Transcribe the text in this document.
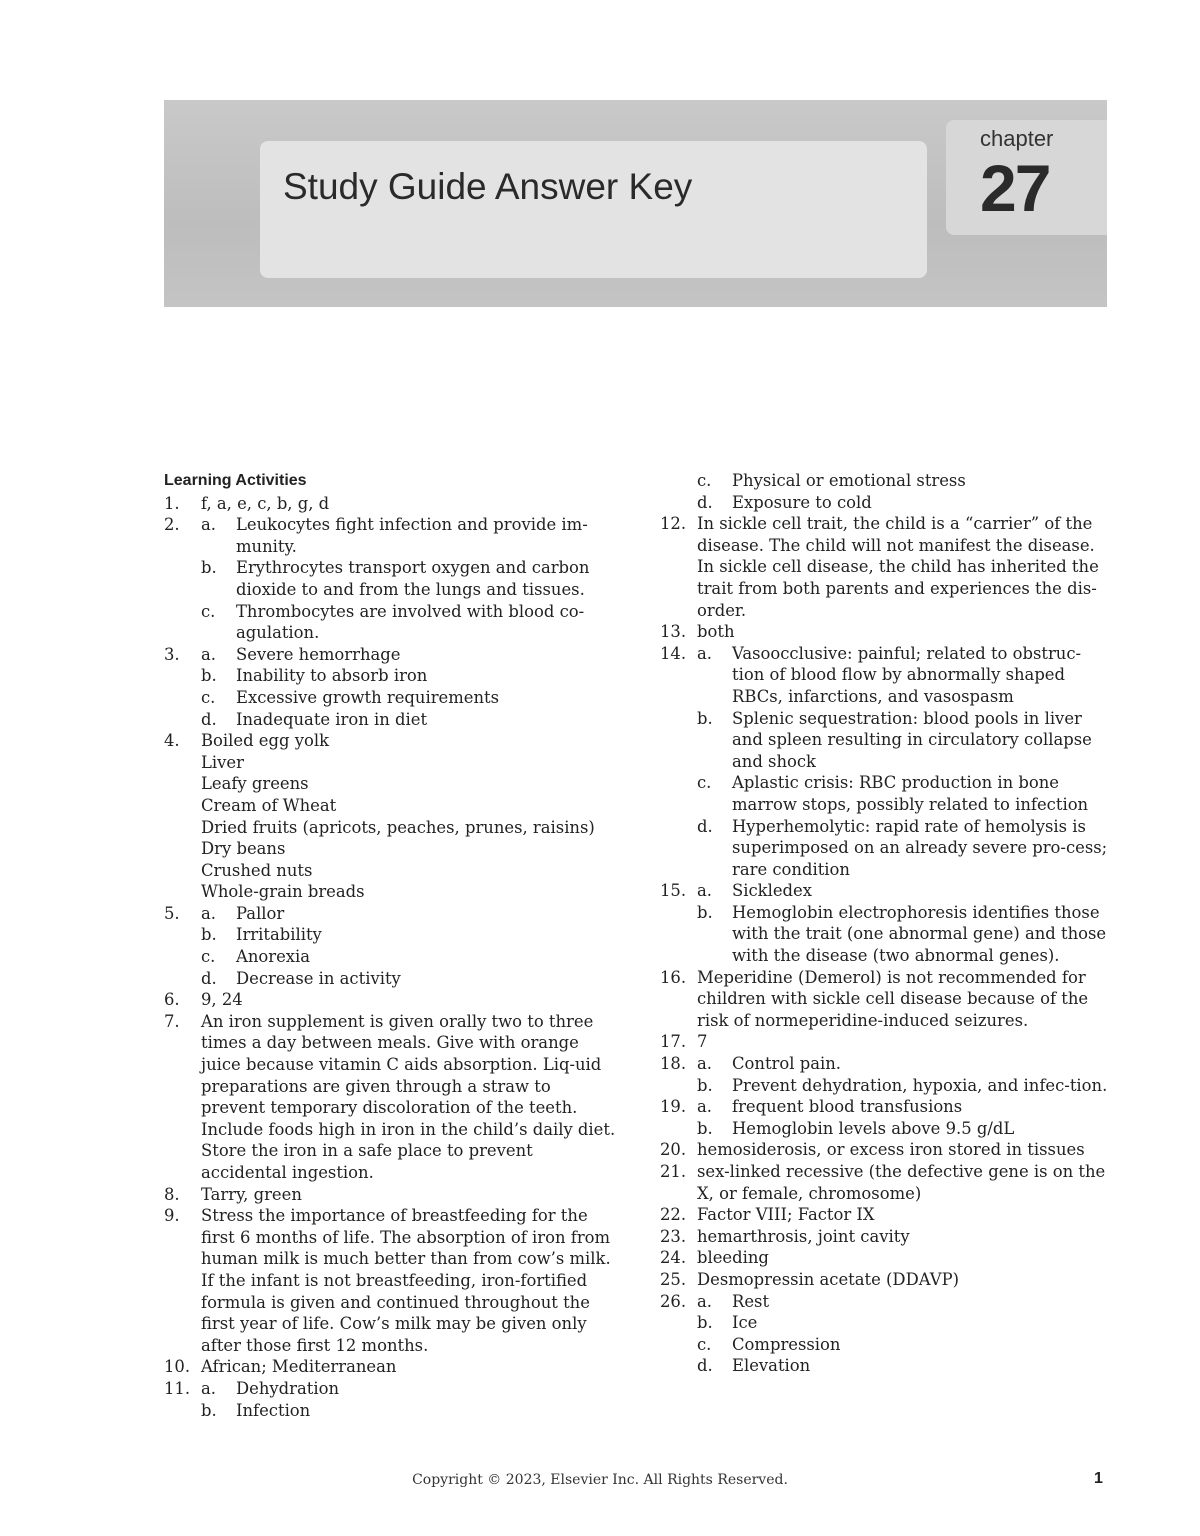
Study Guide Answer Key
chapter
27
Learning Activities
1. f, a, e, c, b, g, d
2. a. Leukocytes fight infection and provide im-munity.
b. Erythrocytes transport oxygen and carbon dioxide to and from the lungs and tissues.
c. Thrombocytes are involved with blood co-agulation.
3. a. Severe hemorrhage
b. Inability to absorb iron
c. Excessive growth requirements
d. Inadequate iron in diet
4. Boiled egg yolk
Liver
Leafy greens
Cream of Wheat
Dried fruits (apricots, peaches, prunes, raisins)
Dry beans
Crushed nuts
Whole-grain breads
5. a. Pallor
b. Irritability
c. Anorexia
d. Decrease in activity
6. 9, 24
7. An iron supplement is given orally two to three times a day between meals. Give with orange juice because vitamin C aids absorption. Liq-uid preparations are given through a straw to prevent temporary discoloration of the teeth. Include foods high in iron in the child’s daily diet. Store the iron in a safe place to prevent accidental ingestion.
8. Tarry, green
9. Stress the importance of breastfeeding for the first 6 months of life. The absorption of iron from human milk is much better than from cow’s milk. If the infant is not breastfeeding, iron-fortified formula is given and continued throughout the first year of life. Cow’s milk may be given only after those first 12 months.
10. African; Mediterranean
11. a. Dehydration
b. Infection
c. Physical or emotional stress
d. Exposure to cold
12. In sickle cell trait, the child is a “carrier” of the disease. The child will not manifest the disease. In sickle cell disease, the child has inherited the trait from both parents and experiences the dis-order.
13. both
14. a. Vasoocclusive: painful; related to obstruc-tion of blood flow by abnormally shaped RBCs, infarctions, and vasospasm
b. Splenic sequestration: blood pools in liver and spleen resulting in circulatory collapse and shock
c. Aplastic crisis: RBC production in bone marrow stops, possibly related to infection
d. Hyperhemolytic: rapid rate of hemolysis is superimposed on an already severe pro-cess; rare condition
15. a. Sickledex
b. Hemoglobin electrophoresis identifies those with the trait (one abnormal gene) and those with the disease (two abnormal genes).
16. Meperidine (Demerol) is not recommended for children with sickle cell disease because of the risk of normeperidine-induced seizures.
17. 7
18. a. Control pain.
b. Prevent dehydration, hypoxia, and infec-tion.
19. a. frequent blood transfusions
b. Hemoglobin levels above 9.5 g/dL
20. hemosiderosis, or excess iron stored in tissues
21. sex-linked recessive (the defective gene is on the X, or female, chromosome)
22. Factor VIII; Factor IX
23. hemarthrosis, joint cavity
24. bleeding
25. Desmopressin acetate (DDAVP)
26. a. Rest
b. Ice
c. Compression
d. Elevation
Copyright © 2023, Elsevier Inc. All Rights Reserved.	1
